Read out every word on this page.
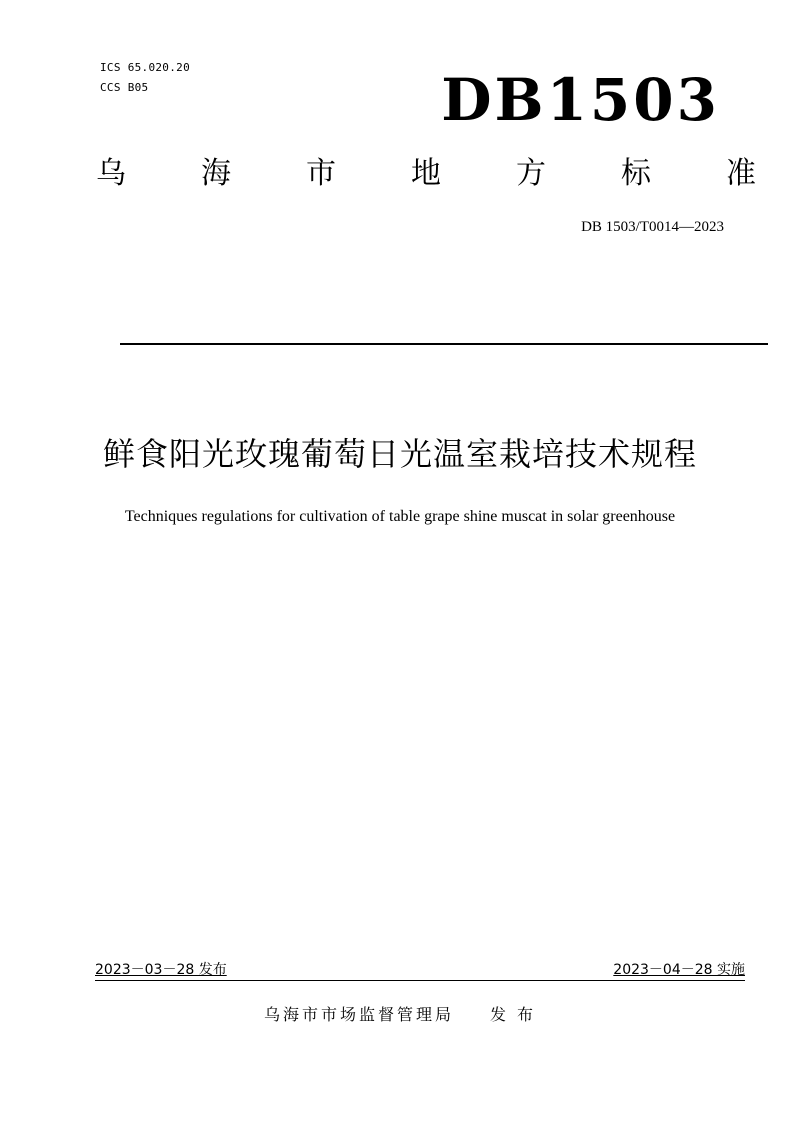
ICS 65.020.20
CCS B05	DB1503
乌	海	市	地	方	标	准
DB 1503/T0014—2023
鲜食阳光玫瑰葡萄日光温室栽培技术规程
Techniques regulations for cultivation of table grape shine muscat in solar greenhouse
2023－03－28 发布	2023－04－28 实施
乌海市市场监督管理局 发 布
